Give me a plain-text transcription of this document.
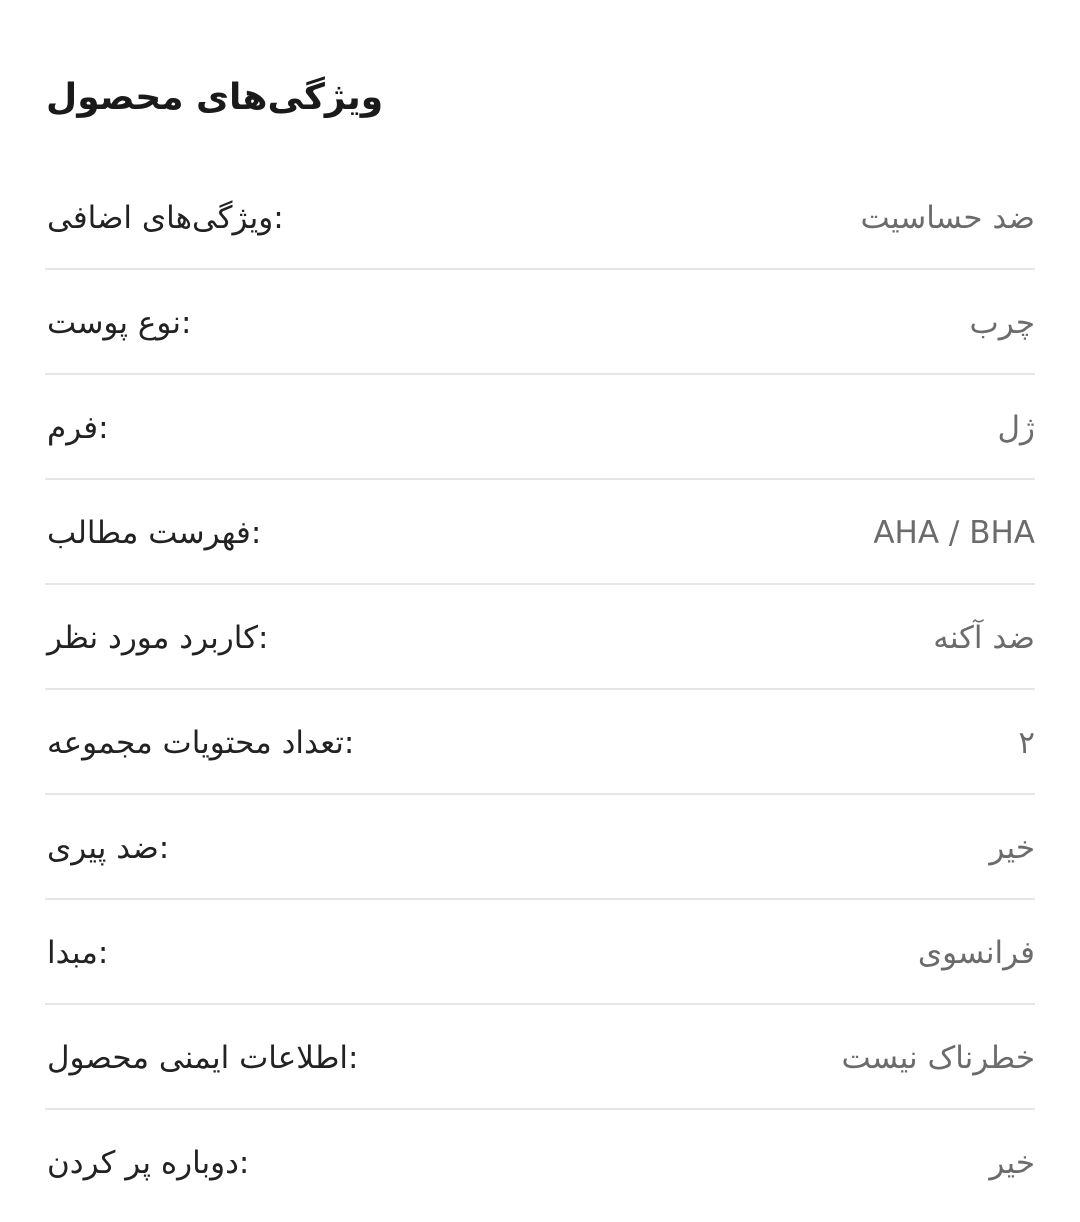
ویژگی‌های محصول
:ویژگی‌های اضافی	ضد حساسیت
:نوع پوست	چرب
:فرم	ژل
:فهرست مطالب	AHA / BHA
:کاربرد مورد نظر	ضد آکنه
:تعداد محتویات مجموعه	۲
:ضد پیری	خیر
:مبدا	فرانسوی
:اطلاعات ایمنی محصول	خطرناک نیست
:دوباره پر کردن	خیر
